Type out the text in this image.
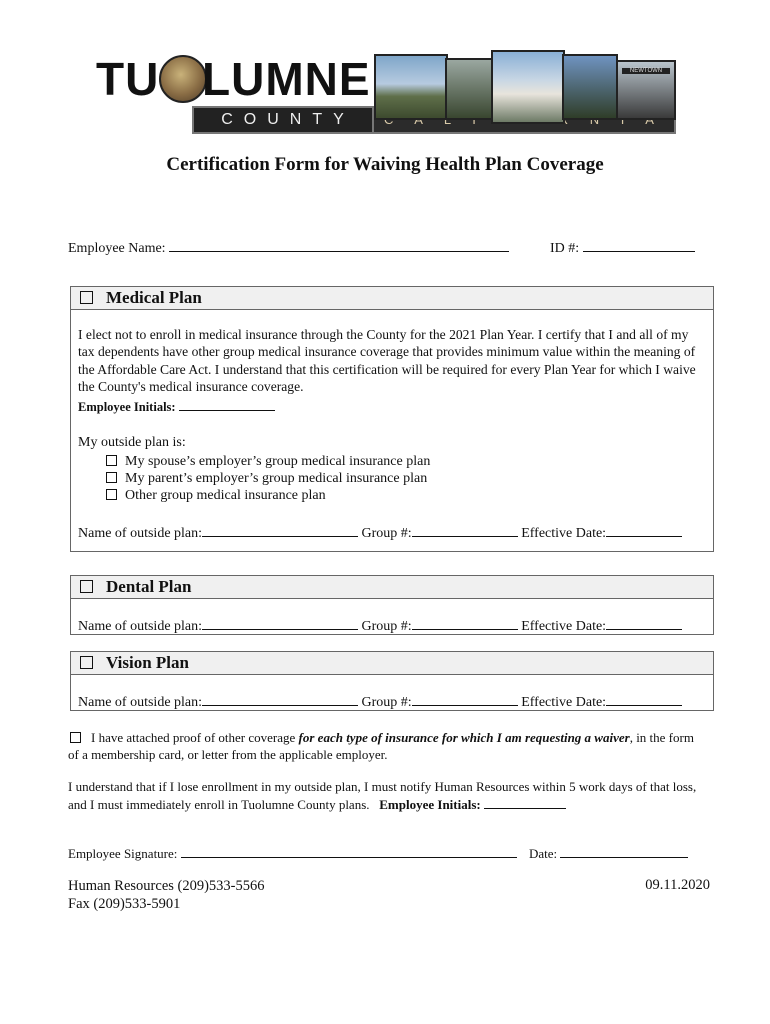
TU LUMNE
COUNTY
NEWTOWN
Certification Form for Waiving Health Plan Coverage
Employee Name:	ID #:
Medical Plan
I elect not to enroll in medical insurance through the County for the 2021 Plan Year. I certify that I and all of my tax dependents have other group medical insurance coverage that provides minimum value within the meaning of the Affordable Care Act. I understand that this certification will be required for every Plan Year for which I waive the County's medical insurance coverage.
Employee Initials:
My outside plan is:
My spouse’s employer’s group medical insurance plan
My parent’s employer’s group medical insurance plan
Other group medical insurance plan
Name of outside plan:	Group #:	Effective Date:
Dental Plan
Name of outside plan:	Group #:	Effective Date:
Vision Plan
Name of outside plan:	Group #:	Effective Date:
I have attached proof of other coverage for each type of insurance for which I am requesting a waiver, in the form of a membership card, or letter from the applicable employer.
I understand that if I lose enrollment in my outside plan, I must notify Human Resources within 5 work days of that loss, and I must immediately enroll in Tuolumne County plans. Employee Initials:
Employee Signature:	Date:
Human Resources (209)533-5566
Fax (209)533-5901
09.11.2020
